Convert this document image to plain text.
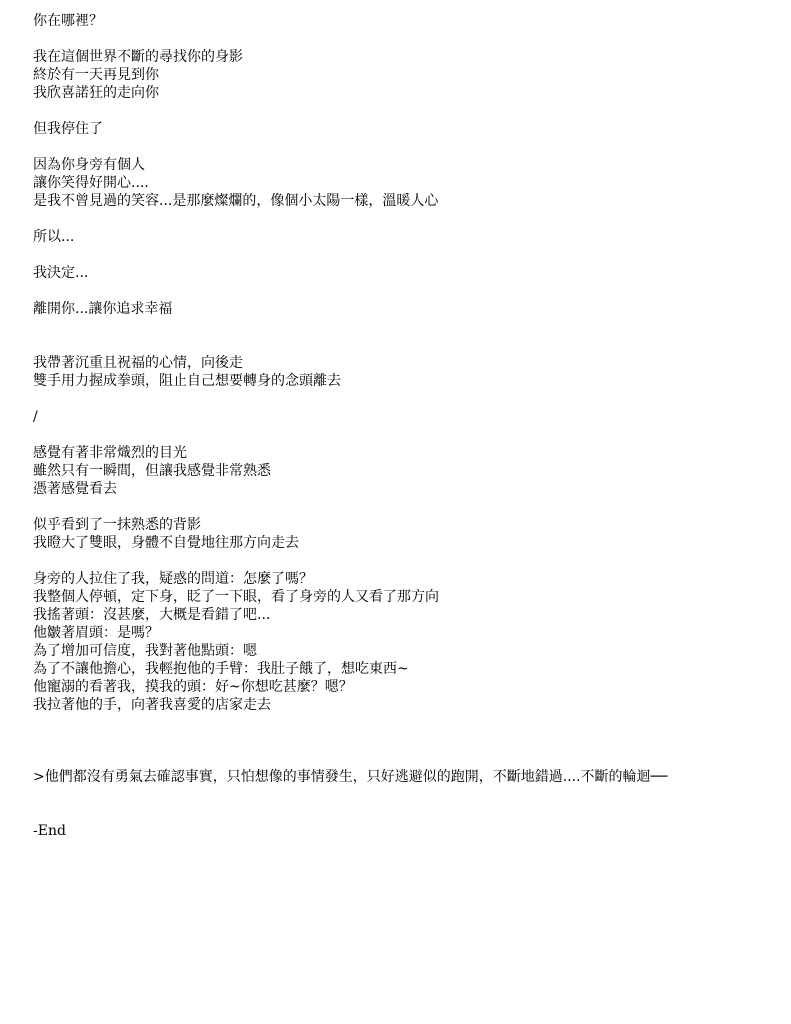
你在哪裡？
我在這個世界不斷的尋找你的身影
終於有一天再見到你
我欣喜諾狂的走向你
但我停住了
因為你身旁有個人
讓你笑得好開心....
是我不曾見過的笑容...是那麼燦爛的，像個小太陽一樣，溫暖人心
所以...
我決定...
離開你...讓你追求幸福
我帶著沉重且祝福的心情，向後走
雙手用力握成拳頭，阻止自己想要轉身的念頭離去
/
感覺有著非常熾烈的目光
雖然只有一瞬間，但讓我感覺非常熟悉
憑著感覺看去
似乎看到了一抹熟悉的背影
我瞪大了雙眼，身體不自覺地往那方向走去
身旁的人拉住了我，疑惑的問道：怎麼了嗎？
我整個人停頓，定下身，眨了一下眼，看了身旁的人又看了那方向
我搖著頭：沒甚麼，大概是看錯了吧...
他皺著眉頭：是嗎？
為了增加可信度，我對著他點頭：嗯
為了不讓他擔心，我輕抱他的手臂：我肚子餓了，想吃東西~
他寵溺的看著我，摸我的頭：好~你想吃甚麼？嗯？
我拉著他的手，向著我喜愛的店家走去
>他們都沒有勇氣去確認事實，只怕想像的事情發生，只好逃避似的跑開，不斷地錯過....不斷的輪迴──
-End
